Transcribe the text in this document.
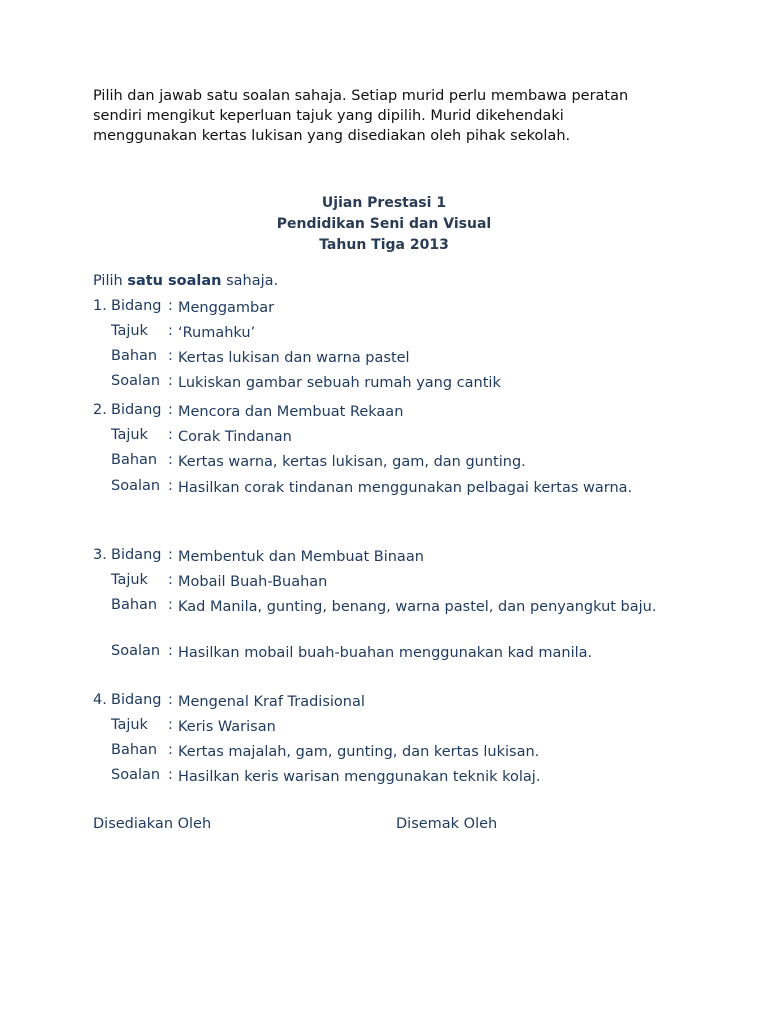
Pilih dan jawab satu soalan sahaja. Setiap murid perlu membawa peratan
sendiri mengikut keperluan tajuk yang dipilih. Murid dikehendaki
menggunakan kertas lukisan yang disediakan oleh pihak sekolah.
Ujian Prestasi 1
Pendidikan Seni dan Visual
Tahun Tiga 2013
Pilih satu soalan sahaja.
1. Bidang : Menggambar
Tajuk : ‘Rumahku’
Bahan : Kertas lukisan dan warna pastel
Soalan : Lukiskan gambar sebuah rumah yang cantik
2. Bidang : Mencora dan Membuat Rekaan
Tajuk : Corak Tindanan
Bahan : Kertas warna, kertas lukisan, gam, dan gunting.
Soalan : Hasilkan corak tindanan menggunakan pelbagai kertas warna.
3. Bidang : Membentuk dan Membuat Binaan
Tajuk : Mobail Buah-Buahan
Bahan : Kad Manila, gunting, benang, warna pastel, dan penyangkut baju.
Soalan : Hasilkan mobail buah-buahan menggunakan kad manila.
4. Bidang : Mengenal Kraf Tradisional
Tajuk : Keris Warisan
Bahan : Kertas majalah, gam, gunting, dan kertas lukisan.
Soalan : Hasilkan keris warisan menggunakan teknik kolaj.
Disediakan Oleh	Disemak Oleh
